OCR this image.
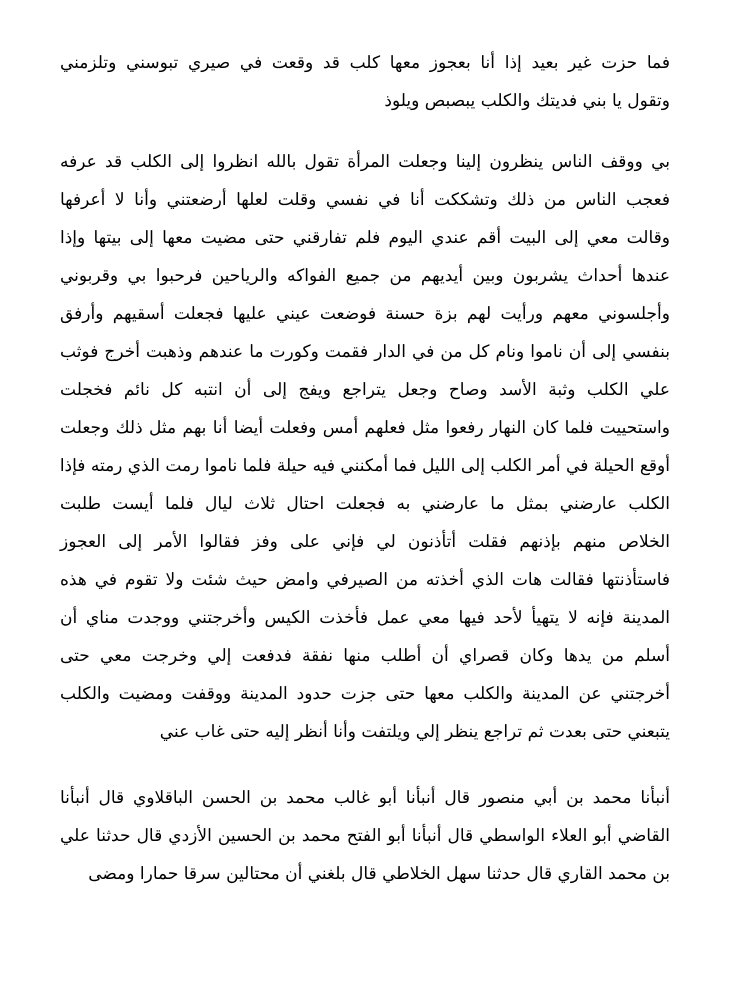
فما حزت غير بعيد إذا أنا بعجوز معها كلب قد وقعت في صيري تبوسني وتلزمني
وتقول يا بني فديتك والكلب يبصبص ويلوذ
بي ووقف الناس ينظرون إلينا وجعلت المرأة تقول بالله انظروا إلى الكلب قد عرفه
فعجب الناس من ذلك وتشككت أنا في نفسي وقلت لعلها أرضعتني وأنا لا أعرفها
وقالت معي إلى البيت أقم عندي اليوم فلم تفارقني حتى مضيت معها إلى بيتها وإذا
عندها أحداث يشربون وبين أيديهم من جميع الفواكه والرياحين فرحبوا بي وقربوني
وأجلسوني معهم ورأيت لهم بزة حسنة فوضعت عيني عليها فجعلت أسقيهم وأرفق
بنفسي إلى أن ناموا ونام كل من في الدار فقمت وكورت ما عندهم وذهبت أخرج فوثب
علي الكلب وثبة الأسد وصاح وجعل يتراجع ويفج إلى أن انتبه كل نائم فخجلت
واستحييت فلما كان النهار رفعوا مثل فعلهم أمس وفعلت أيضا أنا بهم مثل ذلك وجعلت
أوقع الحيلة في أمر الكلب إلى الليل فما أمكنني فيه حيلة فلما ناموا رمت الذي رمته فإذا
الكلب عارضني بمثل ما عارضني به فجعلت احتال ثلاث ليال فلما أيست طلبت
الخلاص منهم بإذنهم فقلت أتأذنون لي فإني على وفز فقالوا الأمر إلى العجوز
فاستأذنتها فقالت هات الذي أخذته من الصيرفي وامض حيث شئت ولا تقوم في هذه
المدينة فإنه لا يتهيأ لأحد فيها معي عمل فأخذت الكيس وأخرجتني ووجدت مناي أن
أسلم من يدها وكان قصراي أن أطلب منها نفقة فدفعت إلي وخرجت معي حتى
أخرجتني عن المدينة والكلب معها حتى جزت حدود المدينة ووقفت ومضيت والكلب
يتبعني حتى بعدت ثم تراجع ينظر إلي ويلتفت وأنا أنظر إليه حتى غاب عني
أنبأنا محمد بن أبي منصور قال أنبأنا أبو غالب محمد بن الحسن الباقلاوي قال أنبأنا
القاضي أبو العلاء الواسطي قال أنبأنا أبو الفتح محمد بن الحسين الأزدي قال حدثنا علي
بن محمد القاري قال حدثنا سهل الخلاطي قال بلغني أن محتالين سرقا حمارا ومضى
